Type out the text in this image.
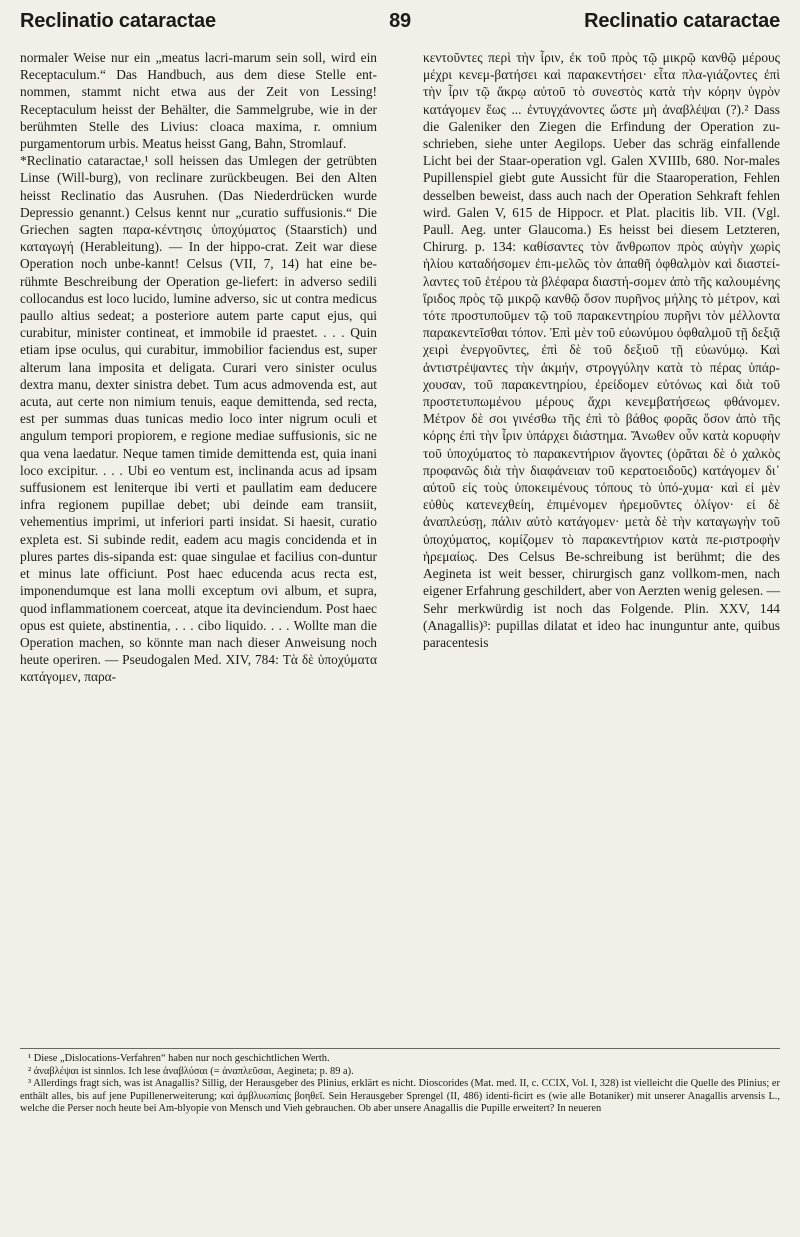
Reclinatio cataractae	89	Reclinatio cataractae

normaler Weise nur ein „meatus lacri-marum sein soll, wird ein Receptaculum.“ Das Handbuch, aus dem diese Stelle ent-nommen, stammt nicht etwa aus der Zeit von Lessing! Receptaculum heisst der Behälter, die Sammelgrube, wie in der berühmten Stelle des Livius: cloaca maxima, r. omnium purgamentorum urbis. Meatus heisst Gang, Bahn, Stromlauf.

*Reclinatio cataractae,¹ soll heissen das Umlegen der getrübten Linse (Will-burg), von reclinare zurückbeugen. Bei den Alten heisst Reclinatio das Ausruhen. (Das Niederdrücken wurde Depressio genannt.) Celsus kennt nur „curatio suffusionis.“ Die Griechen sagten παρα-κέντησις ὑποχύματος (Staarstich) und καταγωγή (Herableitung). — In der hippo-crat. Zeit war diese Operation noch unbe-kannt! Celsus (VII, 7, 14) hat eine be-rühmte Beschreibung der Operation ge-liefert: in adverso sedili collocandus est loco lucido, lumine adverso, sic ut contra medicus paullo altius sedeat; a posteriore autem parte caput ejus, qui curabitur, minister contineat, et immobile id praestet. . . . Quin etiam ipse oculus, qui curabitur, immobilior faciendus est, super alterum lana imposita et deligata. Curari vero sinister oculus dextra manu, dexter sinistra debet. Tum acus admovenda est, aut acuta, aut certe non nimium tenuis, eaque demittenda, sed recta, est per summas duas tunicas medio loco inter nigrum oculi et angulum tempori propiorem, e regione mediae suffusionis, sic ne qua vena laedatur. Neque tamen timide demittenda est, quia inani loco excipitur. . . . Ubi eo ventum est, inclinanda acus ad ipsam suffusionem est leniterque ibi verti et paullatim eam deducere infra regionem pupillae debet; ubi deinde eam transiit, vehementius imprimi, ut inferiori parti insidat. Si haesit, curatio expleta est. Si subinde redit, eadem acu magis concidenda et in plures partes dis-sipanda est: quae singulae et facilius con-duntur et minus late officiunt. Post haec educenda acus recta est, imponendumque est lana molli exceptum ovi album, et supra, quod inflammationem coerceat, atque ita devinciendum. Post haec opus est quiete, abstinentia, . . . cibo liquido. . . . Wollte man die Operation machen, so könnte man nach dieser Anweisung noch heute operiren. — Pseudogalen Med. XIV, 784: Τὰ δὲ ὑποχύματα κατάγομεν, παρα-

κεντοῦντες περὶ τὴν ἶριν, ἐκ τοῦ πρὸς τῷ μικρῷ κανθῷ μέρους μέχρι κενεμ-βατήσει καὶ παρακεντήσει· εἶτα πλα-γιάζοντες ἐπὶ τὴν ἶριν τῷ ἄκρῳ αὐτοῦ τὸ συνεστὸς κατὰ τὴν κόρην ὑγρὸν κατάγομεν ἕως ... ἐντυγχάνοντες ὥστε μὴ ἀναβλέψαι (?).² Dass die Galeniker den Ziegen die Erfindung der Operation zu-schrieben, siehe unter Aegilops. Ueber das schräg einfallende Licht bei der Staar-operation vgl. Galen XVIIIb, 680. Nor-males Pupillenspiel giebt gute Aussicht für die Staaroperation, Fehlen desselben beweist, dass auch nach der Operation Sehkraft fehlen wird. Galen V, 615 de Hippocr. et Plat. placitis lib. VII. (Vgl. Paull. Aeg. unter Glaucoma.) Es heisst bei diesem Letzteren, Chirurg. p. 134: καθίσαντες τὸν ἄνθρωπον πρὸς αὐγὴν χωρὶς ἡλίου καταδήσομεν ἐπι-μελῶς τὸν ἀπαθῆ ὀφθαλμὸν καὶ διαστεί-λαντες τοῦ ἑτέρου τὰ βλέφαρα διαστή-σομεν ἀπὸ τῆς καλουμένης ἴριδος πρὸς τῷ μικρῷ κανθῷ ὅσον πυρῆνος μήλης τὸ μέτρον, καὶ τότε προστυποῦμεν τῷ τοῦ παρακεντηρίου πυρῆνι τὸν μέλλοντα παρακεντεῖσθαι τόπον. Ἐπὶ μὲν τοῦ εὐωνύμου ὀφθαλμοῦ τῇ δεξιᾷ χειρὶ ἐνεργοῦντες, ἐπὶ δὲ τοῦ δεξιοῦ τῇ εὐωνύμῳ. Καὶ ἀντιστρέψαντες τὴν ἀκμήν, στρογγύλην κατὰ τὸ πέρας ὑπάρ-χουσαν, τοῦ παρακεντηρίου, ἐρείδομεν εὐτόνως καὶ διὰ τοῦ προστετυπωμένου μέρους ἄχρι κενεμβατήσεως φθάνομεν. Μέτρον δὲ σοι γινέσθω τῆς ἐπὶ τὸ βάθος φορᾶς ὅσον ἀπὸ τῆς κόρης ἐπὶ τὴν ἶριν ὑπάρχει διάστημα. Ἄνωθεν οὖν κατὰ κορυφὴν τοῦ ὑποχύματος τὸ παρακεντήριον ἄγοντες (ὁρᾶται δὲ ὁ χαλκὸς προφανῶς διὰ τὴν διαφάνειαν τοῦ κερατοειδοῦς) κατάγομεν δι᾽ αὐτοῦ εἰς τοὺς ὑποκειμένους τόπους τὸ ὑπό-χυμα· καὶ εἰ μὲν εὐθὺς κατενεχθείη, ἐπιμένομεν ἠρεμοῦντες ὀλίγον· εἰ δὲ ἀναπλεύσῃ, πάλιν αὐτὸ κατάγομεν· μετὰ δὲ τὴν καταγωγὴν τοῦ ὑποχύματος, κομίζομεν τὸ παρακεντήριον κατὰ πε-ριστροφὴν ἠρεμαίως. Des Celsus Be-schreibung ist berühmt; die des Aegineta ist weit besser, chirurgisch ganz vollkom-men, nach eigener Erfahrung geschildert, aber von Aerzten wenig gelesen. — Sehr merkwürdig ist noch das Folgende. Plin. XXV, 144 (Anagallis)³: pupillas dilatat et ideo hac inunguntur ante, quibus paracentesis

¹ Diese „Dislocations-Verfahren“ haben nur noch geschichtlichen Werth.

² ἀναβλέψαι ist sinnlos. Ich lese ἀναβλύσαι (= ἀναπλεῦσαι, Aegineta; p. 89 a).

³ Allerdings fragt sich, was ist Anagallis? Sillig, der Herausgeber des Plinius, erklärt es nicht. Dioscorides (Mat. med. II, c. CCIX, Vol. I, 328) ist vielleicht die Quelle des Plinius; er enthält alles, bis auf jene Pupillenerweiterung; καὶ ἀμβλυωπίαις βοηθεῖ. Sein Herausgeber Sprengel (II, 486) identi-ficirt es (wie alle Botaniker) mit unserer Anagallis arvensis L., welche die Perser noch heute bei Am-blyopie von Mensch und Vieh gebrauchen. Ob aber unsere Anagallis die Pupille erweitert? In neueren
